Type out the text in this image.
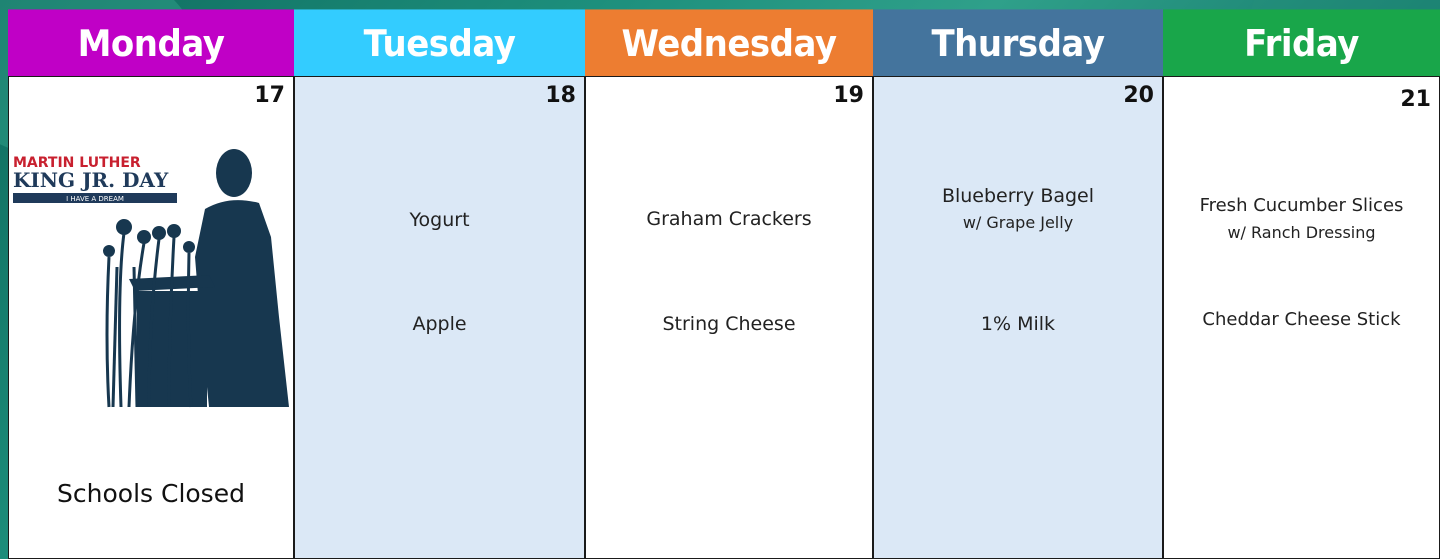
Monday	Tuesday	Wednesday	Thursday	Friday
17
MARTIN LUTHER
KING JR. DAY
I HAVE A DREAM
Schools Closed
18
Yogurt
Apple
19
Graham Crackers
String Cheese
20
Blueberry Bagel
w/ Grape Jelly
1% Milk
21
Fresh Cucumber Slices
w/ Ranch Dressing
Cheddar Cheese Stick
